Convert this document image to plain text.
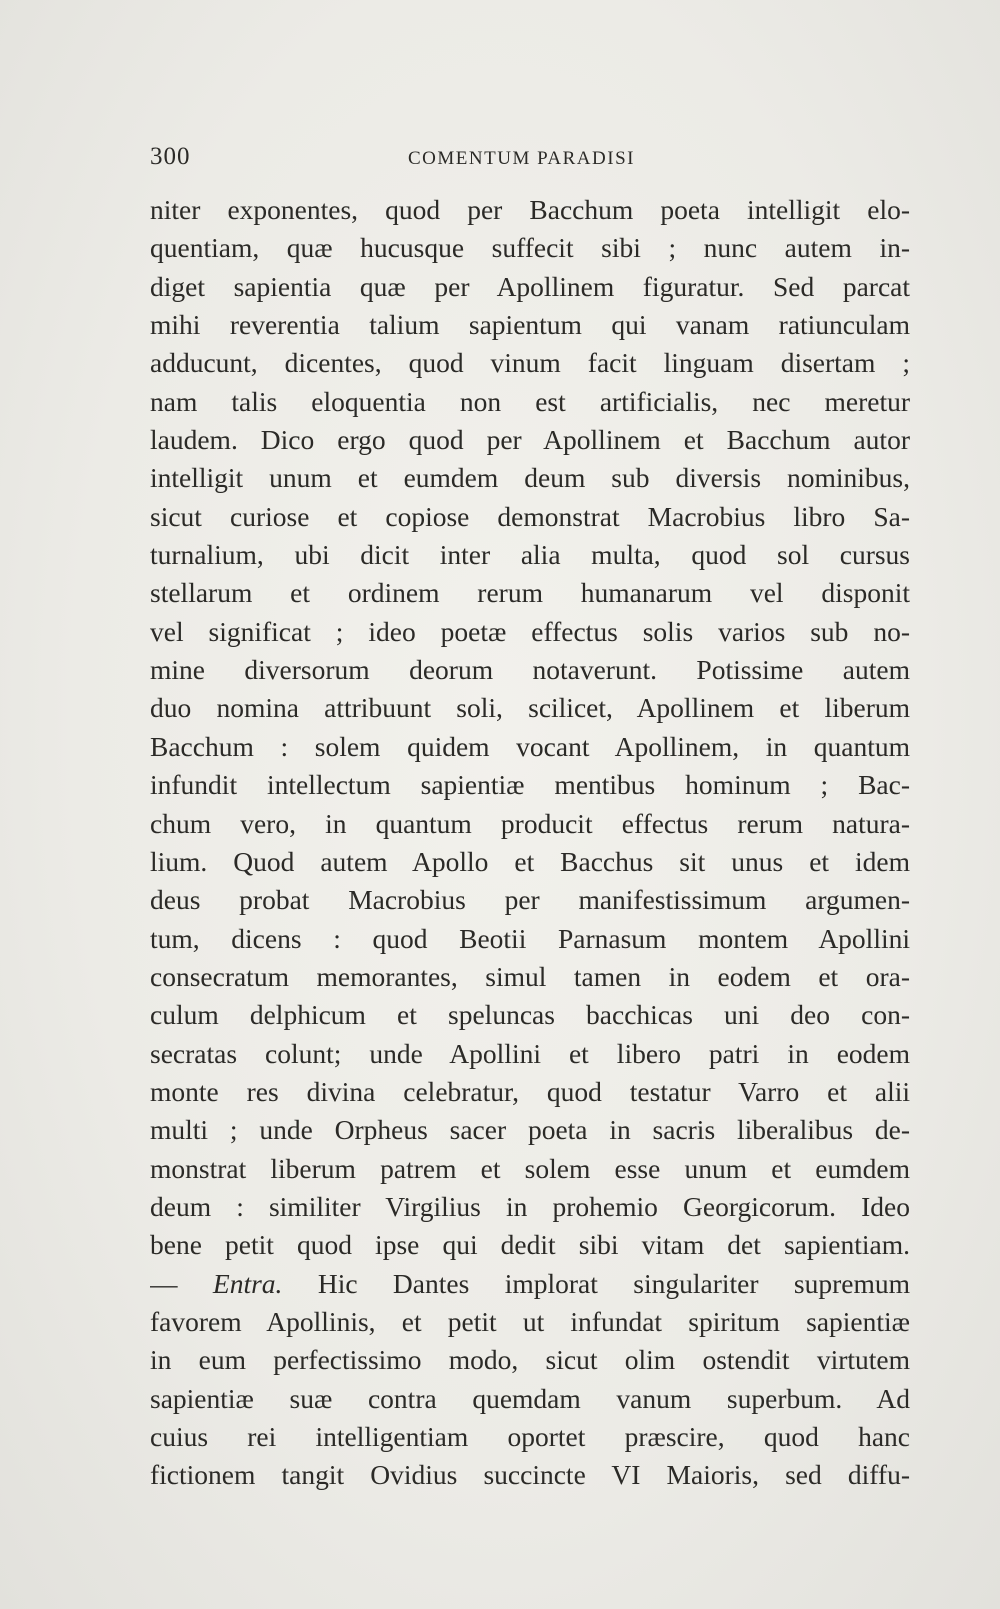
300	COMENTUM PARADISI
niter exponentes, quod per Bacchum poeta intelligit elo-
quentiam, quæ hucusque suffecit sibi ; nunc autem in-
diget sapientia quæ per Apollinem figuratur. Sed parcat
mihi reverentia talium sapientum qui vanam ratiunculam
adducunt, dicentes, quod vinum facit linguam disertam ;
nam talis eloquentia non est artificialis, nec meretur
laudem. Dico ergo quod per Apollinem et Bacchum autor
intelligit unum et eumdem deum sub diversis nominibus,
sicut curiose et copiose demonstrat Macrobius libro Sa-
turnalium, ubi dicit inter alia multa, quod sol cursus
stellarum et ordinem rerum humanarum vel disponit
vel significat ; ideo poetæ effectus solis varios sub no-
mine diversorum deorum notaverunt. Potissime autem
duo nomina attribuunt soli, scilicet, Apollinem et liberum
Bacchum : solem quidem vocant Apollinem, in quantum
infundit intellectum sapientiæ mentibus hominum ; Bac-
chum vero, in quantum producit effectus rerum natura-
lium. Quod autem Apollo et Bacchus sit unus et idem
deus probat Macrobius per manifestissimum argumen-
tum, dicens : quod Beotii Parnasum montem Apollini
consecratum memorantes, simul tamen in eodem et ora-
culum delphicum et speluncas bacchicas uni deo con-
secratas colunt; unde Apollini et libero patri in eodem
monte res divina celebratur, quod testatur Varro et alii
multi ; unde Orpheus sacer poeta in sacris liberalibus de-
monstrat liberum patrem et solem esse unum et eumdem
deum : similiter Virgilius in prohemio Georgicorum. Ideo
bene petit quod ipse qui dedit sibi vitam det sapientiam.
— Entra. Hic Dantes implorat singulariter supremum
favorem Apollinis, et petit ut infundat spiritum sapientiæ
in eum perfectissimo modo, sicut olim ostendit virtutem
sapientiæ suæ contra quemdam vanum superbum. Ad
cuius rei intelligentiam oportet præscire, quod hanc
fictionem tangit Ovidius succincte VI Maioris, sed diffu-
